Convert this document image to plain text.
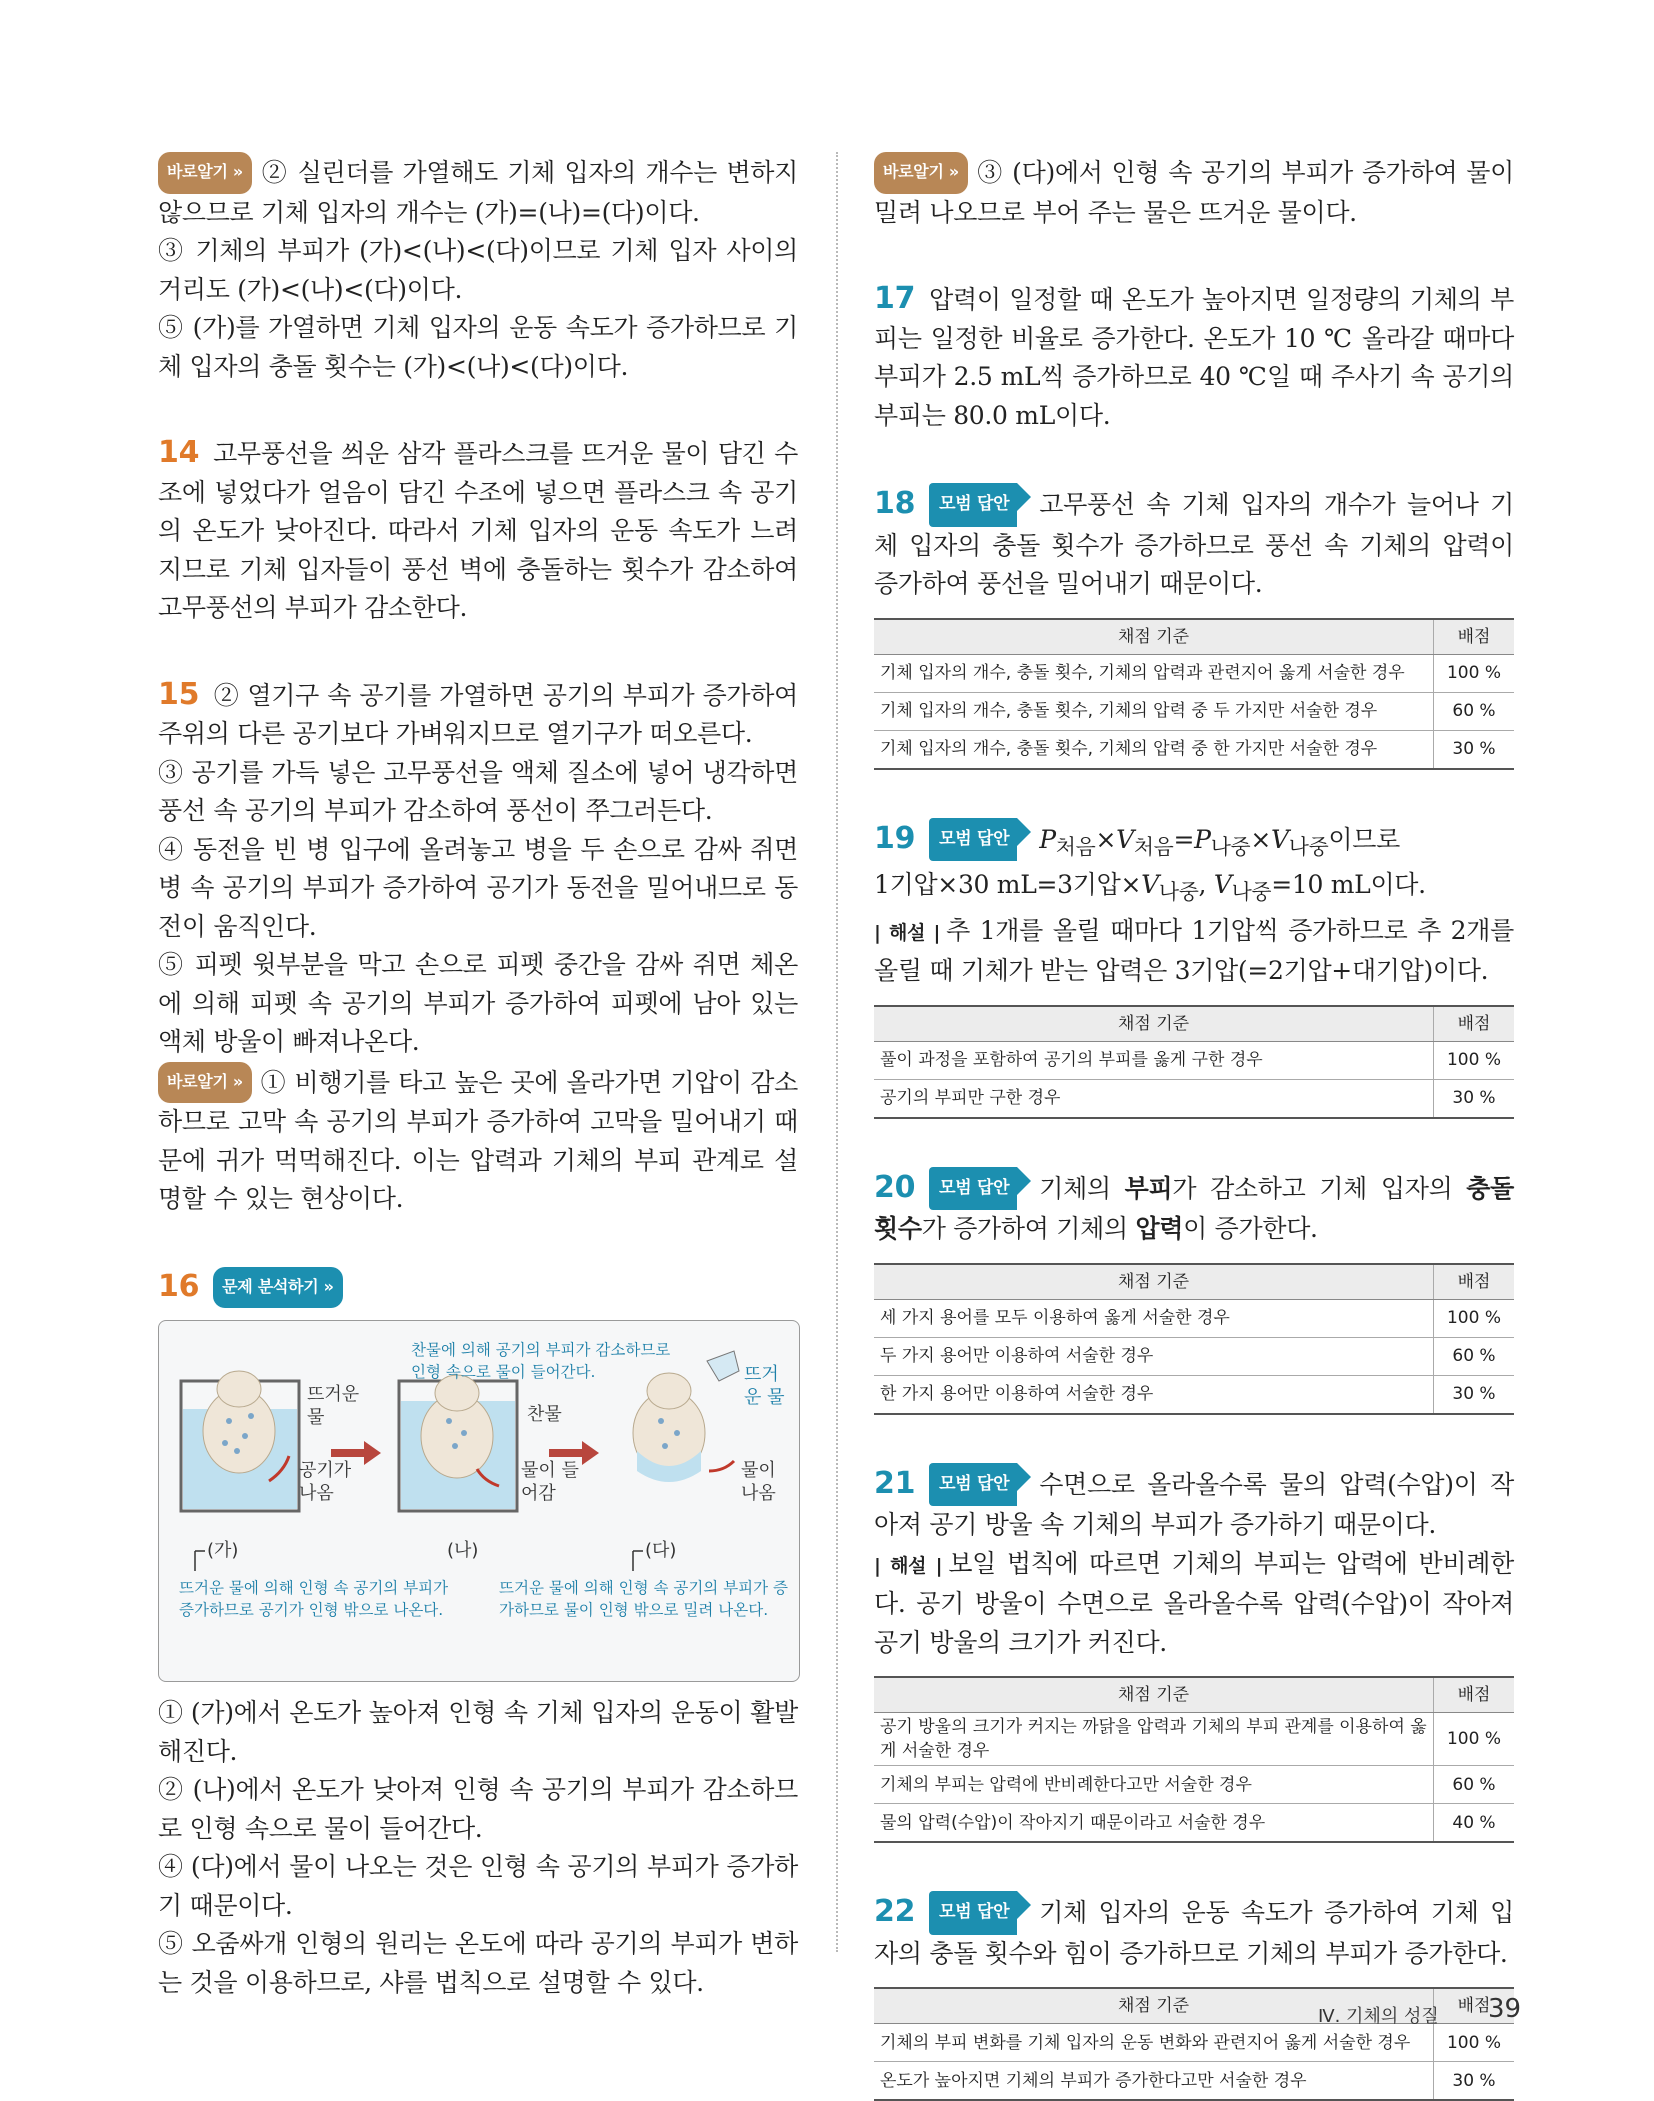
바로알기 » ② 실린더를 가열해도 기체 입자의 개수는 변하지 않으므로 기체 입자의 개수는 (가)=(나)=(다)이다.

③ 기체의 부피가 (가)<(나)<(다)이므로 기체 입자 사이의 거리도 (가)<(나)<(다)이다.

⑤ (가)를 가열하면 기체 입자의 운동 속도가 증가하므로 기체 입자의 충돌 횟수는 (가)<(나)<(다)이다.

14 고무풍선을 씌운 삼각 플라스크를 뜨거운 물이 담긴 수조에 넣었다가 얼음이 담긴 수조에 넣으면 플라스크 속 공기의 온도가 낮아진다. 따라서 기체 입자의 운동 속도가 느려지므로 기체 입자들이 풍선 벽에 충돌하는 횟수가 감소하여 고무풍선의 부피가 감소한다.

15 ② 열기구 속 공기를 가열하면 공기의 부피가 증가하여 주위의 다른 공기보다 가벼워지므로 열기구가 떠오른다.

③ 공기를 가득 넣은 고무풍선을 액체 질소에 넣어 냉각하면 풍선 속 공기의 부피가 감소하여 풍선이 쭈그러든다.

④ 동전을 빈 병 입구에 올려놓고 병을 두 손으로 감싸 쥐면 병 속 공기의 부피가 증가하여 공기가 동전을 밀어내므로 동전이 움직인다.

⑤ 피펫 윗부분을 막고 손으로 피펫 중간을 감싸 쥐면 체온에 의해 피펫 속 공기의 부피가 증가하여 피펫에 남아 있는 액체 방울이 빠져나온다.

바로알기 » ① 비행기를 타고 높은 곳에 올라가면 기압이 감소하므로 고막 속 공기의 부피가 증가하여 고막을 밀어내기 때문에 귀가 먹먹해진다. 이는 압력과 기체의 부피 관계로 설명할 수 있는 현상이다.

16 문제 분석하기 »

찬물에 의해 공기의 부피가 감소하므로 인형 속으로 물이 들어간다.
뜨거운 물
공기가 나옴
찬물
물이 들어감
뜨거운 물
물이 나옴
(가)	(나)	(다)
뜨거운 물에 의해 인형 속 공기의 부피가 증가하므로 공기가 인형 밖으로 나온다.
뜨거운 물에 의해 인형 속 공기의 부피가 증가하므로 물이 인형 밖으로 밀려 나온다.

① (가)에서 온도가 높아져 인형 속 기체 입자의 운동이 활발해진다.

② (나)에서 온도가 낮아져 인형 속 공기의 부피가 감소하므로 인형 속으로 물이 들어간다.

④ (다)에서 물이 나오는 것은 인형 속 공기의 부피가 증가하기 때문이다.

⑤ 오줌싸개 인형의 원리는 온도에 따라 공기의 부피가 변하는 것을 이용하므로, 샤를 법칙으로 설명할 수 있다.

바로알기 » ③ (다)에서 인형 속 공기의 부피가 증가하여 물이 밀려 나오므로 부어 주는 물은 뜨거운 물이다.

17 압력이 일정할 때 온도가 높아지면 일정량의 기체의 부피는 일정한 비율로 증가한다. 온도가 10 ℃ 올라갈 때마다 부피가 2.5 mL씩 증가하므로 40 ℃일 때 주사기 속 공기의 부피는 80.0 mL이다.

18 모범 답안 고무풍선 속 기체 입자의 개수가 늘어나 기체 입자의 충돌 횟수가 증가하므로 풍선 속 기체의 압력이 증가하여 풍선을 밀어내기 때문이다.

채점 기준	배점
기체 입자의 개수, 충돌 횟수, 기체의 압력과 관련지어 옳게 서술한 경우	100 %
기체 입자의 개수, 충돌 횟수, 기체의 압력 중 두 가지만 서술한 경우	60 %
기체 입자의 개수, 충돌 횟수, 기체의 압력 중 한 가지만 서술한 경우	30 %

19 모범 답안 $P_{처음}\times V_{처음}=P_{나중}\times V_{나중}$이므로

1기압×30 mL=3기압$\times V_{나중}$, $V_{나중}=10$ mL이다.

| 해설 | 추 1개를 올릴 때마다 1기압씩 증가하므로 추 2개를 올릴 때 기체가 받는 압력은 3기압(=2기압+대기압)이다.

채점 기준	배점
풀이 과정을 포함하여 공기의 부피를 옳게 구한 경우	100 %
공기의 부피만 구한 경우	30 %

20 모범 답안 기체의 부피가 감소하고 기체 입자의 충돌 횟수가 증가하여 기체의 압력이 증가한다.

채점 기준	배점
세 가지 용어를 모두 이용하여 옳게 서술한 경우	100 %
두 가지 용어만 이용하여 서술한 경우	60 %
한 가지 용어만 이용하여 서술한 경우	30 %

21 모범 답안 수면으로 올라올수록 물의 압력(수압)이 작아져 공기 방울 속 기체의 부피가 증가하기 때문이다.

| 해설 | 보일 법칙에 따르면 기체의 부피는 압력에 반비례한다. 공기 방울이 수면으로 올라올수록 압력(수압)이 작아져 공기 방울의 크기가 커진다.

채점 기준	배점
공기 방울의 크기가 커지는 까닭을 압력과 기체의 부피 관계를 이용하여 옳게 서술한 경우	100 %
기체의 부피는 압력에 반비례한다고만 서술한 경우	60 %
물의 압력(수압)이 작아지기 때문이라고 서술한 경우	40 %

22 모범 답안 기체 입자의 운동 속도가 증가하여 기체 입자의 충돌 횟수와 힘이 증가하므로 기체의 부피가 증가한다.

채점 기준	배점
기체의 부피 변화를 기체 입자의 운동 변화와 관련지어 옳게 서술한 경우	100 %
온도가 높아지면 기체의 부피가 증가한다고만 서술한 경우	30 %
Ⅳ. 기체의 성질 39
